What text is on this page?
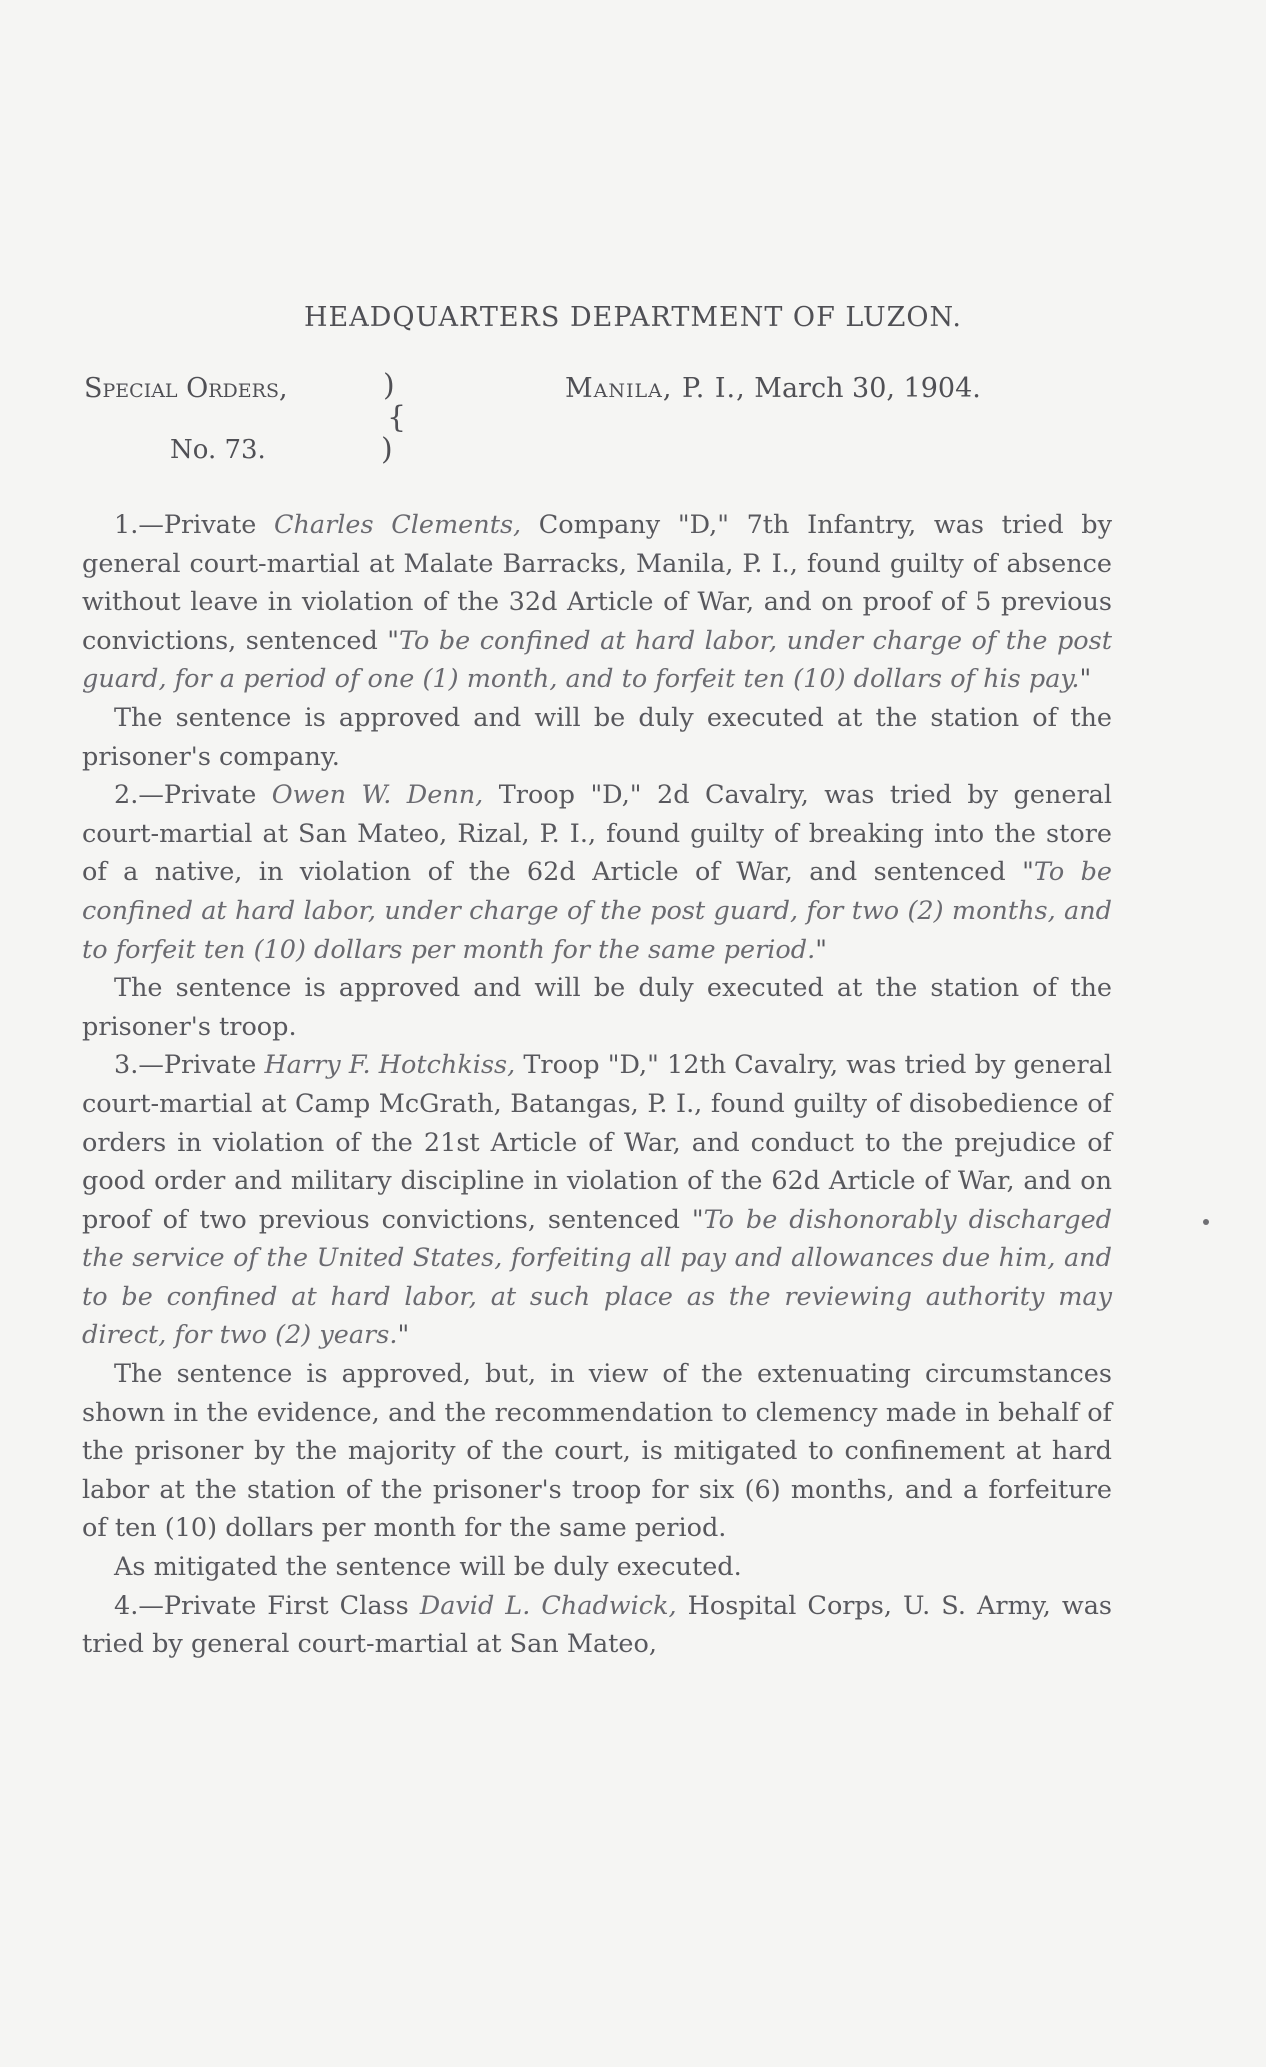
HEADQUARTERS DEPARTMENT OF LUZON.
Special Orders,	)
{
)
No. 73.
Manila, P. I., March 30, 1904.

1.—Private Charles Clements, Company "D," 7th Infantry, was tried by general court-martial at Malate Barracks, Manila, P. I., found guilty of absence without leave in violation of the 32d Article of War, and on proof of 5 previous convictions, sentenced "To be confined at hard labor, under charge of the post guard, for a period of one (1) month, and to forfeit ten (10) dollars of his pay."

The sentence is approved and will be duly executed at the station of the prisoner's company.

2.—Private Owen W. Denn, Troop "D," 2d Cavalry, was tried by general court-martial at San Mateo, Rizal, P. I., found guilty of breaking into the store of a native, in violation of the 62d Article of War, and sentenced "To be confined at hard labor, under charge of the post guard, for two (2) months, and to forfeit ten (10) dollars per month for the same period."

The sentence is approved and will be duly executed at the station of the prisoner's troop.

3.—Private Harry F. Hotchkiss, Troop "D," 12th Cavalry, was tried by general court-martial at Camp McGrath, Batangas, P. I., found guilty of disobedience of orders in violation of the 21st Article of War, and conduct to the prejudice of good order and military discipline in violation of the 62d Article of War, and on proof of two previous convictions, sentenced "To be dishonorably discharged the service of the United States, forfeiting all pay and allowances due him, and to be confined at hard labor, at such place as the reviewing authority may direct, for two (2) years."

The sentence is approved, but, in view of the extenuating circumstances shown in the evidence, and the recommendation to clemency made in behalf of the prisoner by the majority of the court, is mitigated to confinement at hard labor at the station of the prisoner's troop for six (6) months, and a forfeiture of ten (10) dollars per month for the same period.

As mitigated the sentence will be duly executed.

4.—Private First Class David L. Chadwick, Hospital Corps, U. S. Army, was tried by general court-martial at San Mateo,
